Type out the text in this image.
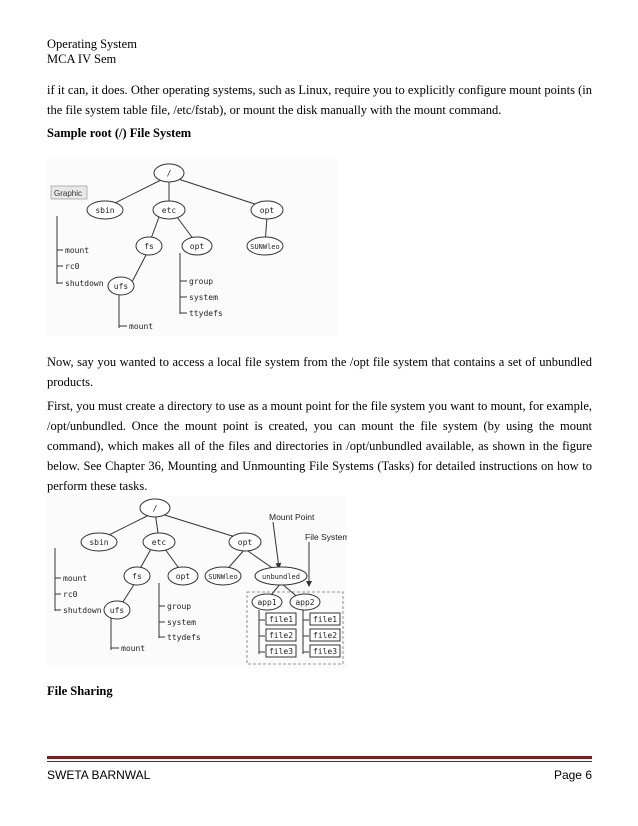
Operating System
MCA IV Sem

if it can, it does. Other operating systems, such as Linux, require you to explicitly configure mount points (in the file system table file, /etc/fstab), or mount the disk manually with the mount command.

Sample root (/) File System
Graphic
/
sbin	etc	opt
fs	opt	SUNWleo
ufs
mount
rc0
shutdown	group
system
ttydefs
mount

Now, say you wanted to access a local file system from the /opt file system that contains a set of unbundled products.

First, you must create a directory to use as a mount point for the file system you want to mount, for example, /opt/unbundled. Once the mount point is created, you can mount the file system (by using the mount command), which makes all of the files and directories in /opt/unbundled available, as shown in the figure below. See Chapter 36, Mounting and Unmounting File Systems (Tasks) for detailed instructions on how to perform these tasks.

/
sbin	etc	opt
fs	opt	SUNWleo	unbundled
ufs
app1 app2
file1
file2
file3
file1
file2
file3
mount
rc0
shutdown	group
system
ttydefs
mount
Mount Point
File System
File Sharing
SWETA BARNWAL	Page 6
